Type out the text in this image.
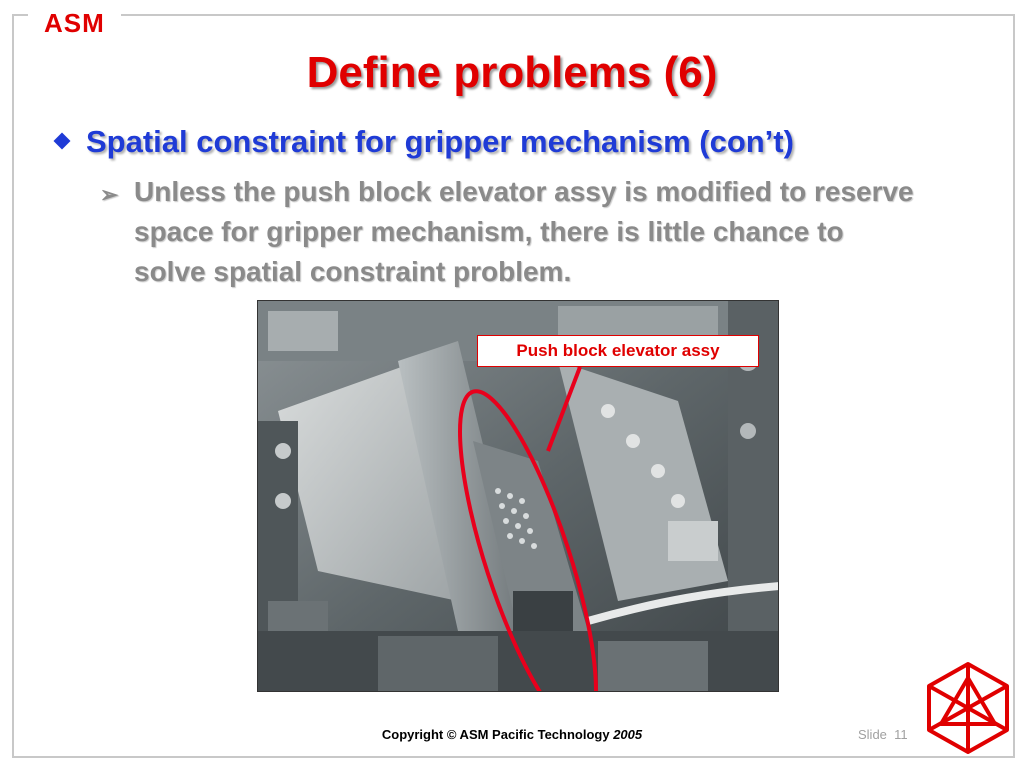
ASM
Define problems (6)
Spatial constraint for gripper mechanism (con’t)
➢ Unless the push block elevator assy is modified to reserve space for gripper mechanism, there is little chance to solve spatial constraint problem.
Push block elevator assy
Copyright © ASM Pacific Technology 2005	Slide 11
